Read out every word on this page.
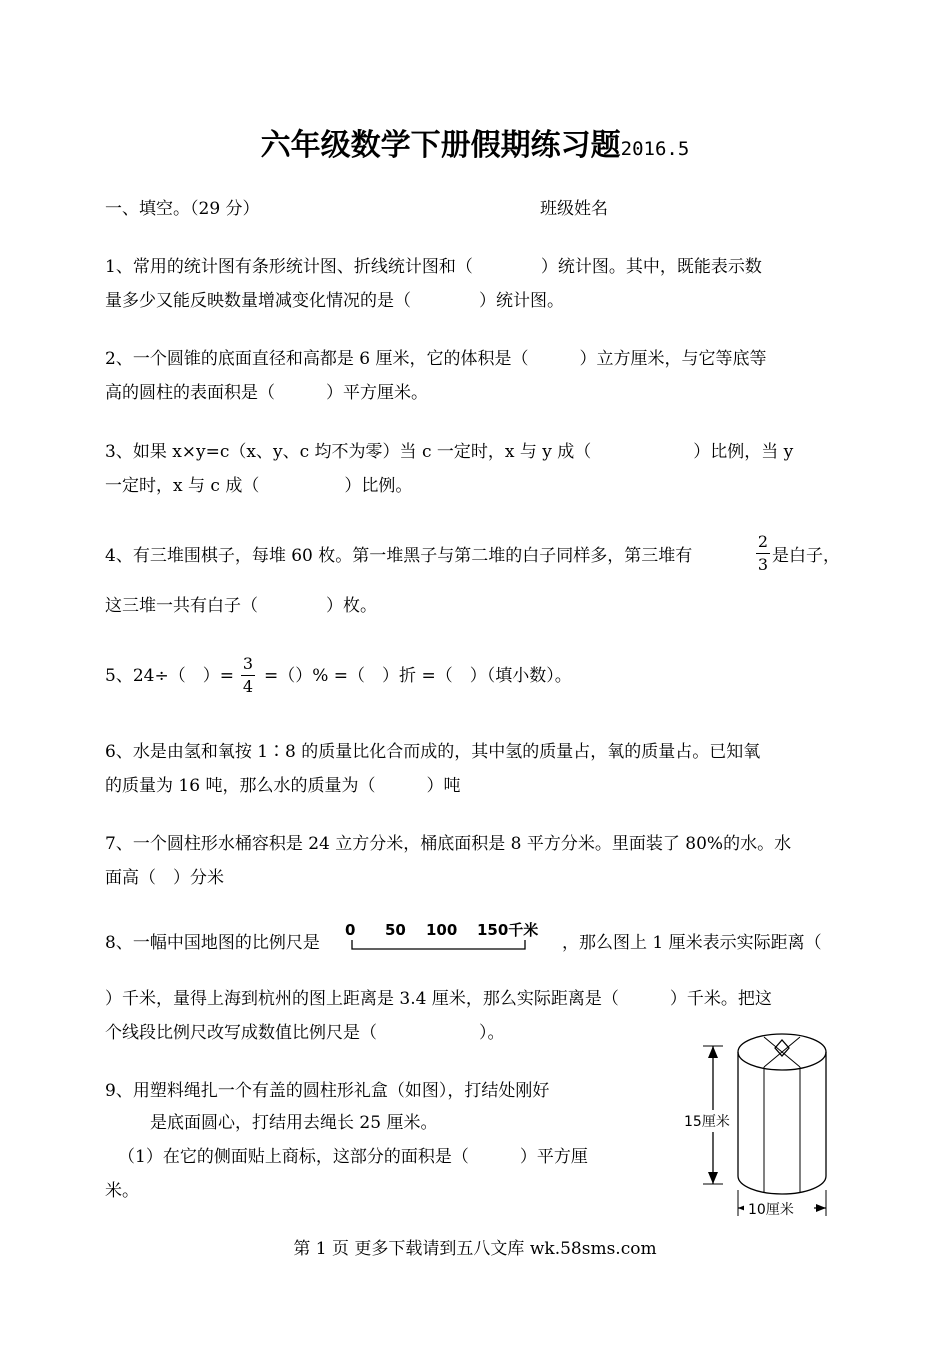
六年级数学下册假期练习题2016.5
一、填空。（29 分）	班级姓名
1、常用的统计图有条形统计图、折线统计图和（　　　　）统计图。其中，既能表示数
量多少又能反映数量增减变化情况的是（　　　　）统计图。
2、一个圆锥的底面直径和高都是 6 厘米，它的体积是（　　　）立方厘米，与它等底等
高的圆柱的表面积是（　　　）平方厘米。
3、如果 x×y=c（x、y、c 均不为零）当 c 一定时，x 与 y 成（　　　　　　）比例，当 y
一定时，x 与 c 成（　　　　　）比例。
4、有三堆围棋子，每堆 60 枚。第一堆黑子与第二堆的白子同样多，第三堆有
2
3 是白子，
这三堆一共有白子（　　　　）枚。
5、24÷（　）=
3
4
=（）% =（　）折 =（　）（填小数）。
6、水是由氢和氧按 1∶8 的质量比化合而成的，其中氢的质量占，氧的质量占。已知氧
的质量为 16 吨，那么水的质量为（　　　）吨
7、一个圆柱形水桶容积是 24 立方分米，桶底面积是 8 平方分米。里面装了 80%的水。水
面高（　）分米
8、一幅中国地图的比例尺是
0 50 100 150千米
，那么图上 1 厘米表示实际距离（
）千米，量得上海到杭州的图上距离是 3.4 厘米，那么实际距离是（　　　）千米。把这
个线段比例尺改写成数值比例尺是（　　　　　　）。
9、用塑料绳扎一个有盖的圆柱形礼盒（如图），打结处刚好
是底面圆心，打结用去绳长 25 厘米。
（1）在它的侧面贴上商标，这部分的面积是（　　　）平方厘
米。
15厘米
10厘米
第 1 页 更多下载请到五八文库 wk.58sms.com
